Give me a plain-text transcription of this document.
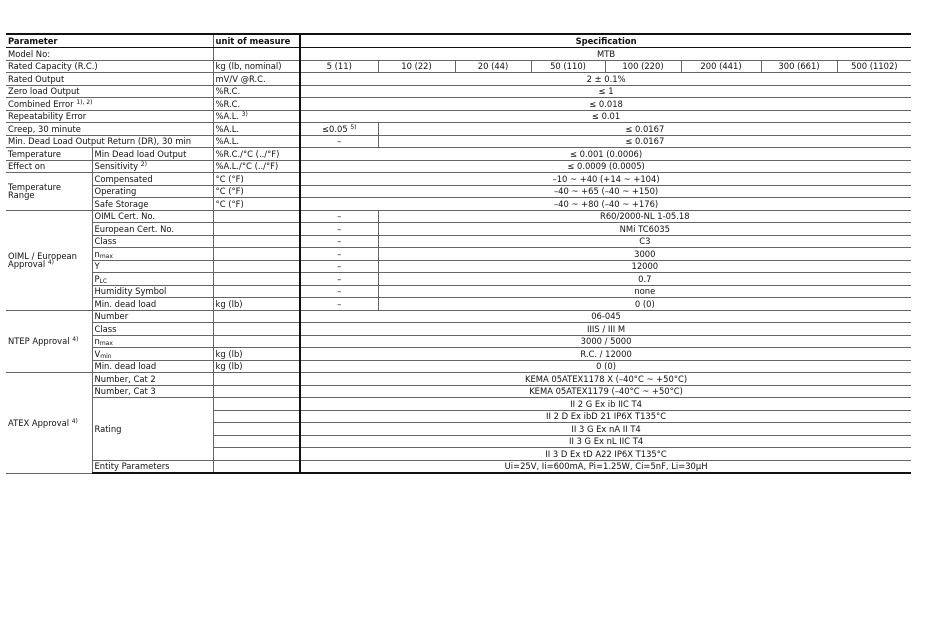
Parameter		unit of measure	Specification							
Model No:			MTB							
Rated Capacity (R.C.)		kg (lb, nominal)	5 (11)	10 (22)	20 (44)	50 (110)	100 (220)	200 (441)	300 (661)	500 (1102)
Rated Output		mV/V @R.C.	2 ± 0.1%							
Zero load Output		%R.C.	≤ 1							
Combined Error $^{1), 2)}$		%R.C.	≤ 0.018							
Repeatability Error		%A.L. $^{3)}$	≤ 0.01							
Creep, 30 minute		%A.L.	≤0.05 $^{5)}$	≤ 0.0167						
Min. Dead Load Output Return (DR), 30 min		%A.L.	–	≤ 0.0167						
Temperature	Min Dead load Output	%R.C./°C (../°F)	≤ 0.001 (0.0006)							
Effect on	Sensitivity $^{2)}$	%A.L./°C (../°F)	≤ 0.0009 (0.0005)							
Temperature
Range	Compensated	°C (°F)	–10 ~ +40 (+14 ~ +104)							
	Operating	°C (°F)	–40 ~ +65 (–40 ~ +150)							
	Safe Storage	°C (°F)	–40 ~ +80 (–40 ~ +176)							
OIML / European
Approval $^{4)}$	OIML Cert. No.		–	R60/2000-NL 1-05.18						
	European Cert. No.		–	NMi TC6035						
	Class		–	C3						
	$n_{max}$		–	3000						
	Y		–	12000						
	$P_{LC}$		–	0.7						
	Humidity Symbol		–	none						
	Min. dead load	kg (lb)	–	0 (0)						
NTEP Approval $^{4)}$	Number		06-045							
	Class		IIIS / III M							
	$n_{max}$		3000 / 5000							
	$V_{min}$	kg (lb)	R.C. / 12000							
	Min. dead load	kg (lb)	0 (0)							
ATEX Approval $^{4)}$	Number, Cat 2		KEMA 05ATEX1178 X (–40°C ~ +50°C)							
	Number, Cat 3		KEMA 05ATEX1179 (–40°C ~ +50°C)							
	Rating		II 2 G Ex ib IIC T4							
			II 2 D Ex ibD 21 IP6X T135°C							
			II 3 G Ex nA II T4							
			II 3 G Ex nL IIC T4							
			II 3 D Ex tD A22 IP6X T135°C							
	Entity Parameters		Ui=25V, Ii=600mA, Pi=1.25W, Ci=5nF, Li=30µH							
